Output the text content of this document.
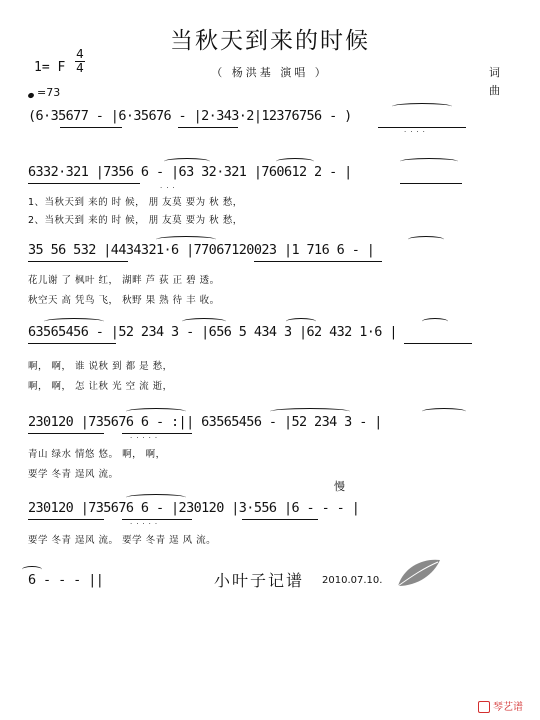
当秋天到来的时候
（ 杨洪基 演唱 ）
1= F
4
4
=73
词
曲
(6·35677 - |6·35676 - |2·343·2|12376756 - )
····
6332·321 |7356 6 - |63 32·321 |760612 2 - |
···
1、当秋天到 来的 时 候， 朋 友莫 要为 秋 愁，
2、当秋天到 来的 时 候， 朋 友莫 要为 秋 愁，
35 56 532 |4434321·6 |77067120023 |1 716 6 - |
花儿谢 了 枫叶 红， 湖畔 芦 荻 正 碧 透。
秋空天 高 凭鸟 飞， 秋野 果 熟 待 丰 收。
63565456 - |52 234 3 - |656 5 434 3 |62 432 1·6 |
啊， 啊， 谁 说秋 到 都 是 愁，
啊， 啊， 怎 让秋 光 空 流 逝，
230120 |735676 6 - :|| 63565456 - |52 234 3 - |
·····
青山 绿水 情悠 悠。 啊， 啊，
要学 冬青 逞风 流。
慢
230120 |735676 6 - |230120 |3·556 |6 - - - |
·····
要学 冬青 逞风 流。 要学 冬青 逞 风 流。
6 - - - ||	小叶子记谱 2010.07.10.
琴艺谱
